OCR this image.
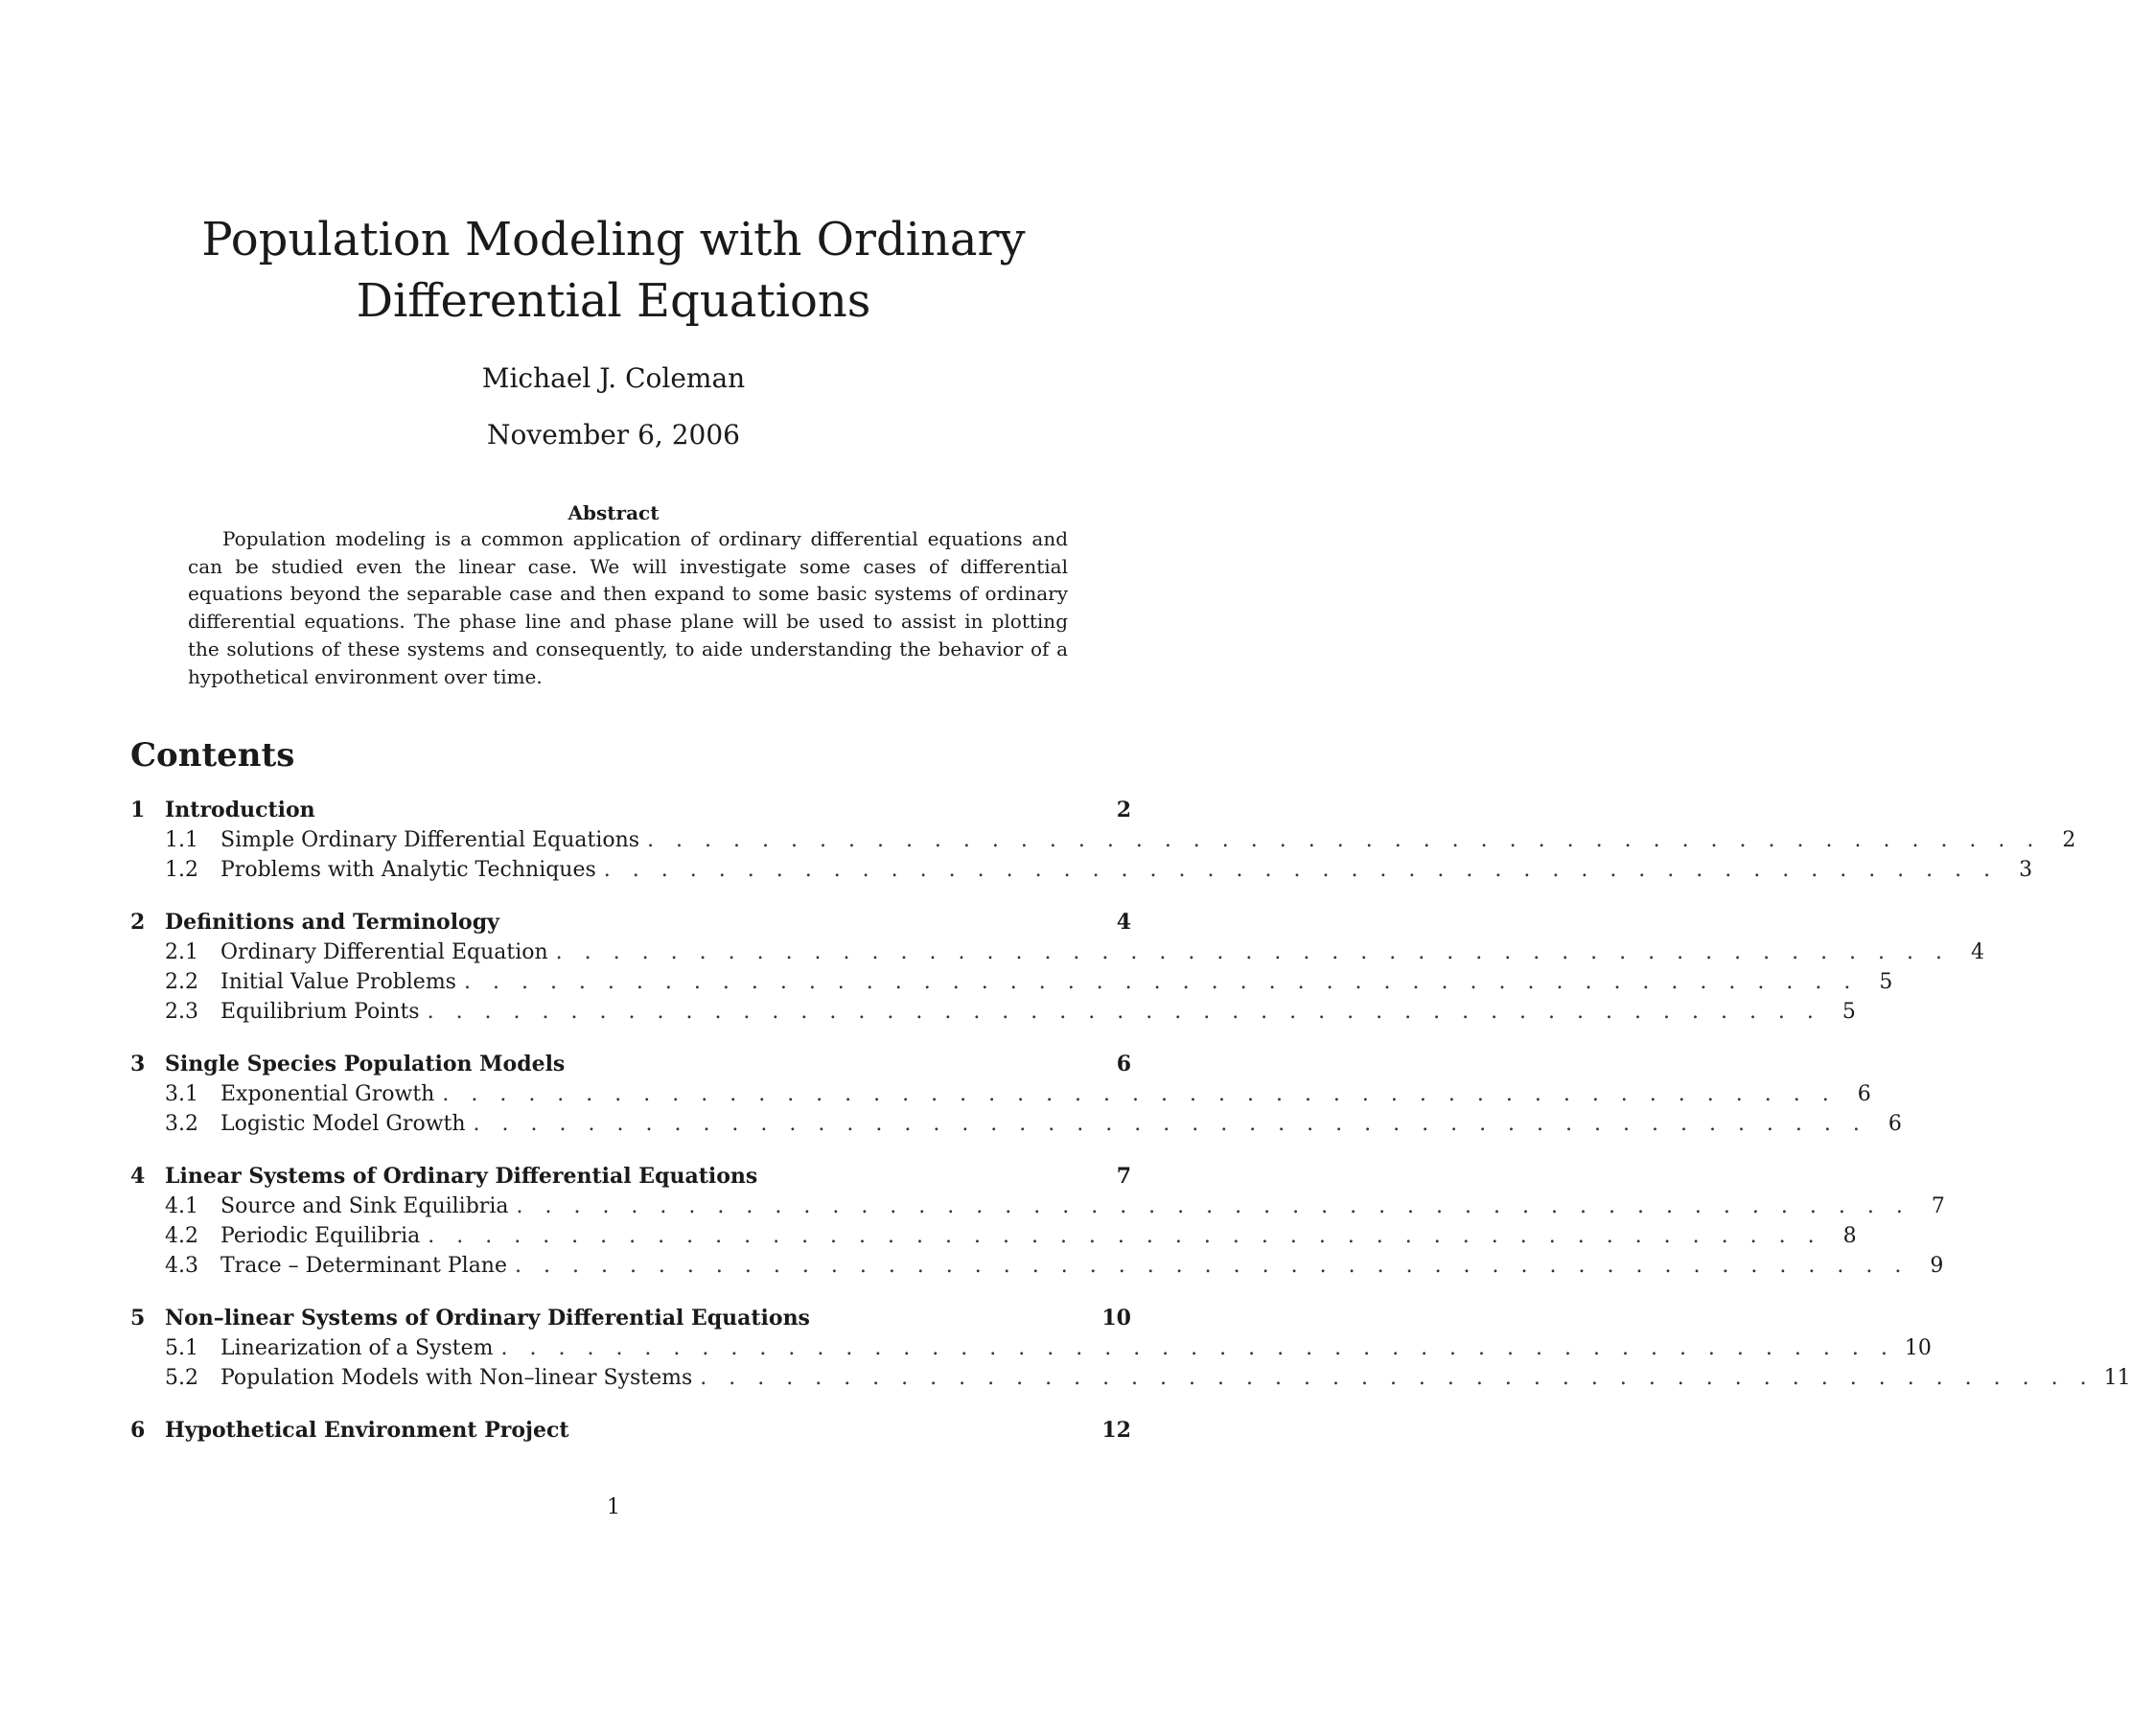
Population Modeling with Ordinary Differential Equations
Michael J. Coleman
November 6, 2006
Abstract

Population modeling is a common application of ordinary differential equations and can be studied even the linear case. We will investigate some cases of differential equations beyond the separable case and then expand to some basic systems of ordinary differential equations. The phase line and phase plane will be used to assist in plotting the solutions of these systems and consequently, to aide understanding the behavior of a hypothetical environment over time.

Contents
1 Introduction	2
1.1	Simple Ordinary Differential Equations . . . . . . . . . . . . . . . . . . . . . . . . . . . . . . . . . . . . . . . . . . . . . . . . .	2
1.2	Problems with Analytic Techniques . . . . . . . . . . . . . . . . . . . . . . . . . . . . . . . . . . . . . . . . . . . . . . . . .	3
2 Definitions and Terminology	4
2.1	Ordinary Differential Equation . . . . . . . . . . . . . . . . . . . . . . . . . . . . . . . . . . . . . . . . . . . . . . . . .	4
2.2	Initial Value Problems . . . . . . . . . . . . . . . . . . . . . . . . . . . . . . . . . . . . . . . . . . . . . . . . .	5
2.3	Equilibrium Points . . . . . . . . . . . . . . . . . . . . . . . . . . . . . . . . . . . . . . . . . . . . . . . . .	5
3 Single Species Population Models	6
3.1	Exponential Growth . . . . . . . . . . . . . . . . . . . . . . . . . . . . . . . . . . . . . . . . . . . . . . . . .	6
3.2	Logistic Model Growth . . . . . . . . . . . . . . . . . . . . . . . . . . . . . . . . . . . . . . . . . . . . . . . . .	6
4 Linear Systems of Ordinary Differential Equations	7
4.1	Source and Sink Equilibria . . . . . . . . . . . . . . . . . . . . . . . . . . . . . . . . . . . . . . . . . . . . . . . . .	7
4.2	Periodic Equilibria . . . . . . . . . . . . . . . . . . . . . . . . . . . . . . . . . . . . . . . . . . . . . . . . .	8
4.3	Trace – Determinant Plane . . . . . . . . . . . . . . . . . . . . . . . . . . . . . . . . . . . . . . . . . . . . . . . . .	9
5 Non–linear Systems of Ordinary Differential Equations	10
5.1	Linearization of a System . . . . . . . . . . . . . . . . . . . . . . . . . . . . . . . . . . . . . . . . . . . . . . . . . 10
5.2	Population Models with Non–linear Systems . . . . . . . . . . . . . . . . . . . . . . . . . . . . . . . . . . . . . . . . . . . . . . . . . 11
6 Hypothetical Environment Project	12
1
